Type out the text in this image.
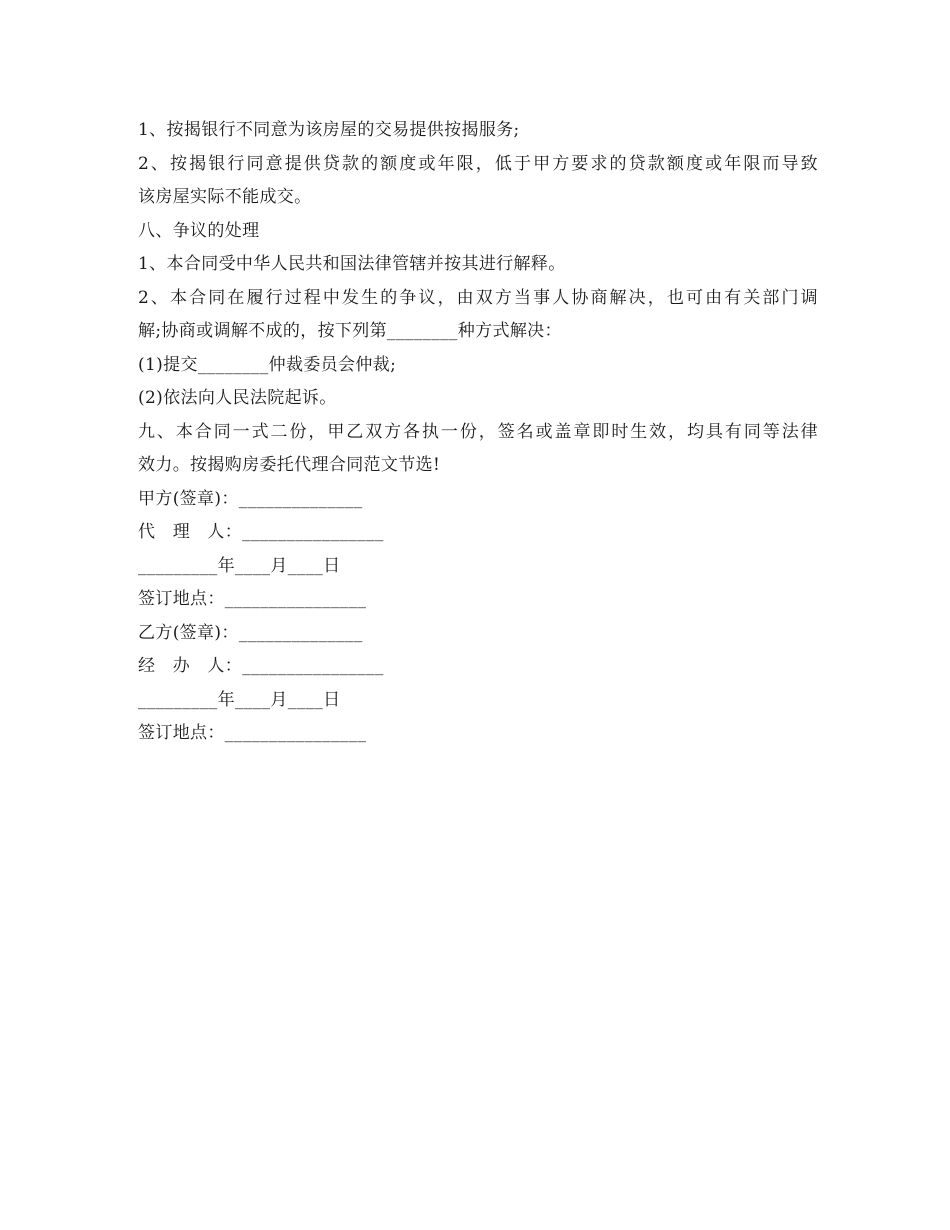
1、按揭银行不同意为该房屋的交易提供按揭服务;
2、按揭银行同意提供贷款的额度或年限，低于甲方要求的贷款额度或年限而导致
该房屋实际不能成交。
八、争议的处理
1、本合同受中华人民共和国法律管辖并按其进行解释。
2、本合同在履行过程中发生的争议，由双方当事人协商解决，也可由有关部门调
解;协商或调解不成的，按下列第________种方式解决：
(1)提交________仲裁委员会仲裁;
(2)依法向人民法院起诉。
九、本合同一式二份，甲乙双方各执一份，签名或盖章即时生效，均具有同等法律
效力。按揭购房委托代理合同范文节选!
甲方(签章)：______________
代　理　人：________________
_________年____月____日
签订地点：________________
乙方(签章)：______________
经　办　人：________________
_________年____月____日
签订地点：________________
